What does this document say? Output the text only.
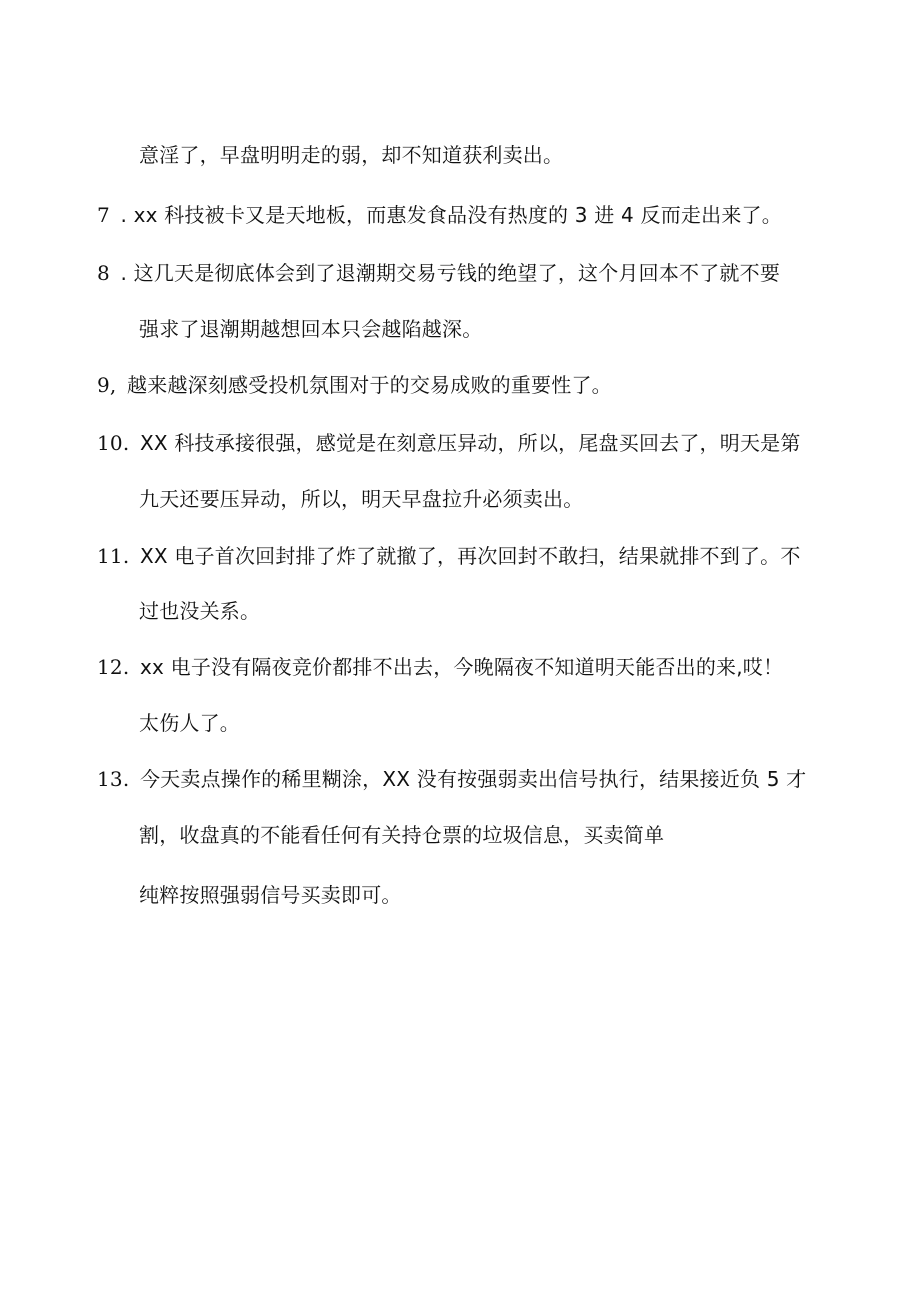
意淫了，早盘明明走的弱，却不知道获利卖出。
7 . xx 科技被卡又是天地板，而惠发食品没有热度的 3 进 4 反而走出来了。
8 . 这几天是彻底体会到了退潮期交易亏钱的绝望了，这个月回本不了就不要
强求了退潮期越想回本只会越陷越深。
9, 越来越深刻感受投机氛围对于的交易成败的重要性了。
10. XX 科技承接很强，感觉是在刻意压异动，所以，尾盘买回去了，明天是第
九天还要压异动，所以，明天早盘拉升必须卖出。
11. XX 电子首次回封排了炸了就撤了，再次回封不敢扫，结果就排不到了。不
过也没关系。
12. xx 电子没有隔夜竞价都排不出去，今晚隔夜不知道明天能否出的来,哎！
太伤人了。
13. 今天卖点操作的稀里糊涂，XX 没有按强弱卖出信号执行，结果接近负 5 才
割，收盘真的不能看任何有关持仓票的垃圾信息，买卖简单
纯粹按照强弱信号买卖即可。
